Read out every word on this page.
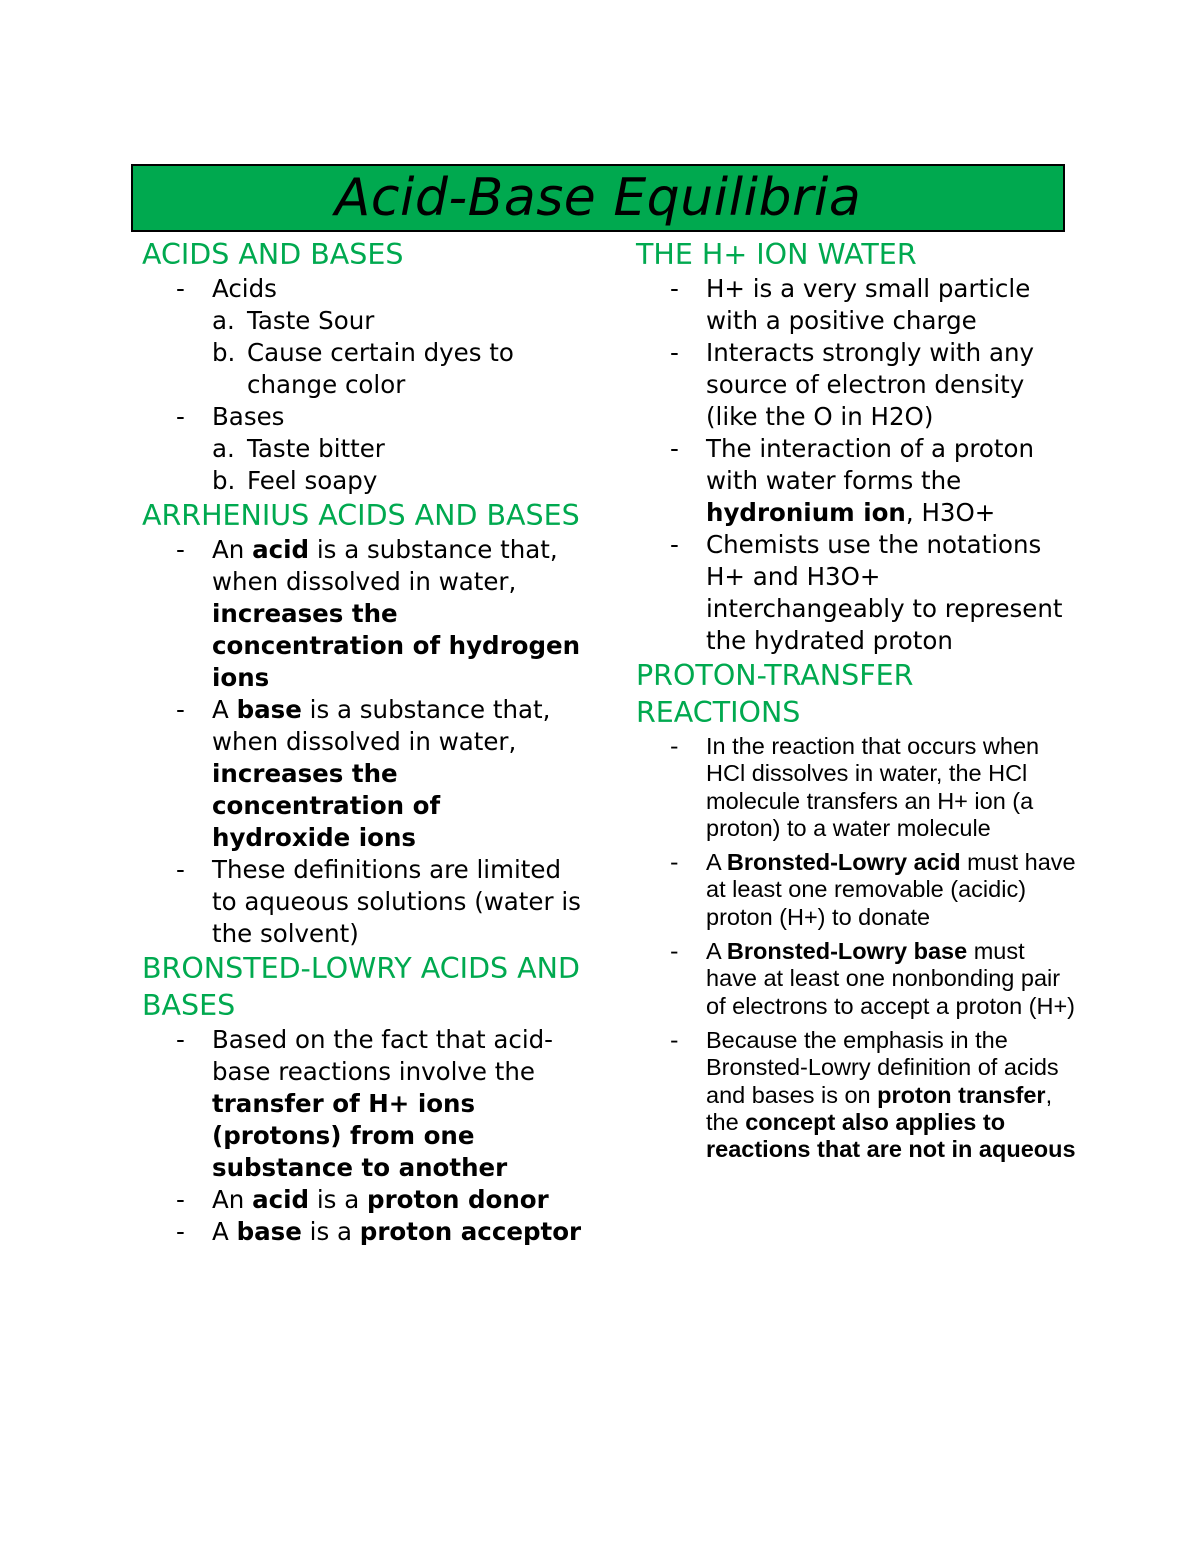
Acid-Base Equilibria
ACIDS AND BASES
- Acids
a. Taste Sour
b. Cause certain dyes to change color
- Bases
a. Taste bitter
b. Feel soapy
ARRHENIUS ACIDS AND BASES
- An acid is a substance that, when dissolved in water, increases the concentration of hydrogen ions
- A base is a substance that, when dissolved in water, increases the concentration of hydroxide ions
- These definitions are limited to aqueous solutions (water is the solvent)
BRONSTED-LOWRY ACIDS AND BASES
- Based on the fact that acid-base reactions involve the transfer of H+ ions (protons) from one substance to another
- An acid is a proton donor
- A base is a proton acceptor
THE H+ ION WATER
- H+ is a very small particle with a positive charge
- Interacts strongly with any source of electron density (like the O in H2O)
- The interaction of a proton with water forms the hydronium ion, H3O+
- Chemists use the notations H+ and H3O+ interchangeably to represent the hydrated proton
PROTON-TRANSFER REACTIONS
- In the reaction that occurs when HCl dissolves in water, the HCl molecule transfers an H+ ion (a proton) to a water molecule
- A Bronsted-Lowry acid must have at least one removable (acidic) proton (H+) to donate
- A Bronsted-Lowry base must have at least one nonbonding pair of electrons to accept a proton (H+)
- Because the emphasis in the Bronsted-Lowry definition of acids and bases is on proton transfer, the concept also applies to reactions that are not in aqueous
